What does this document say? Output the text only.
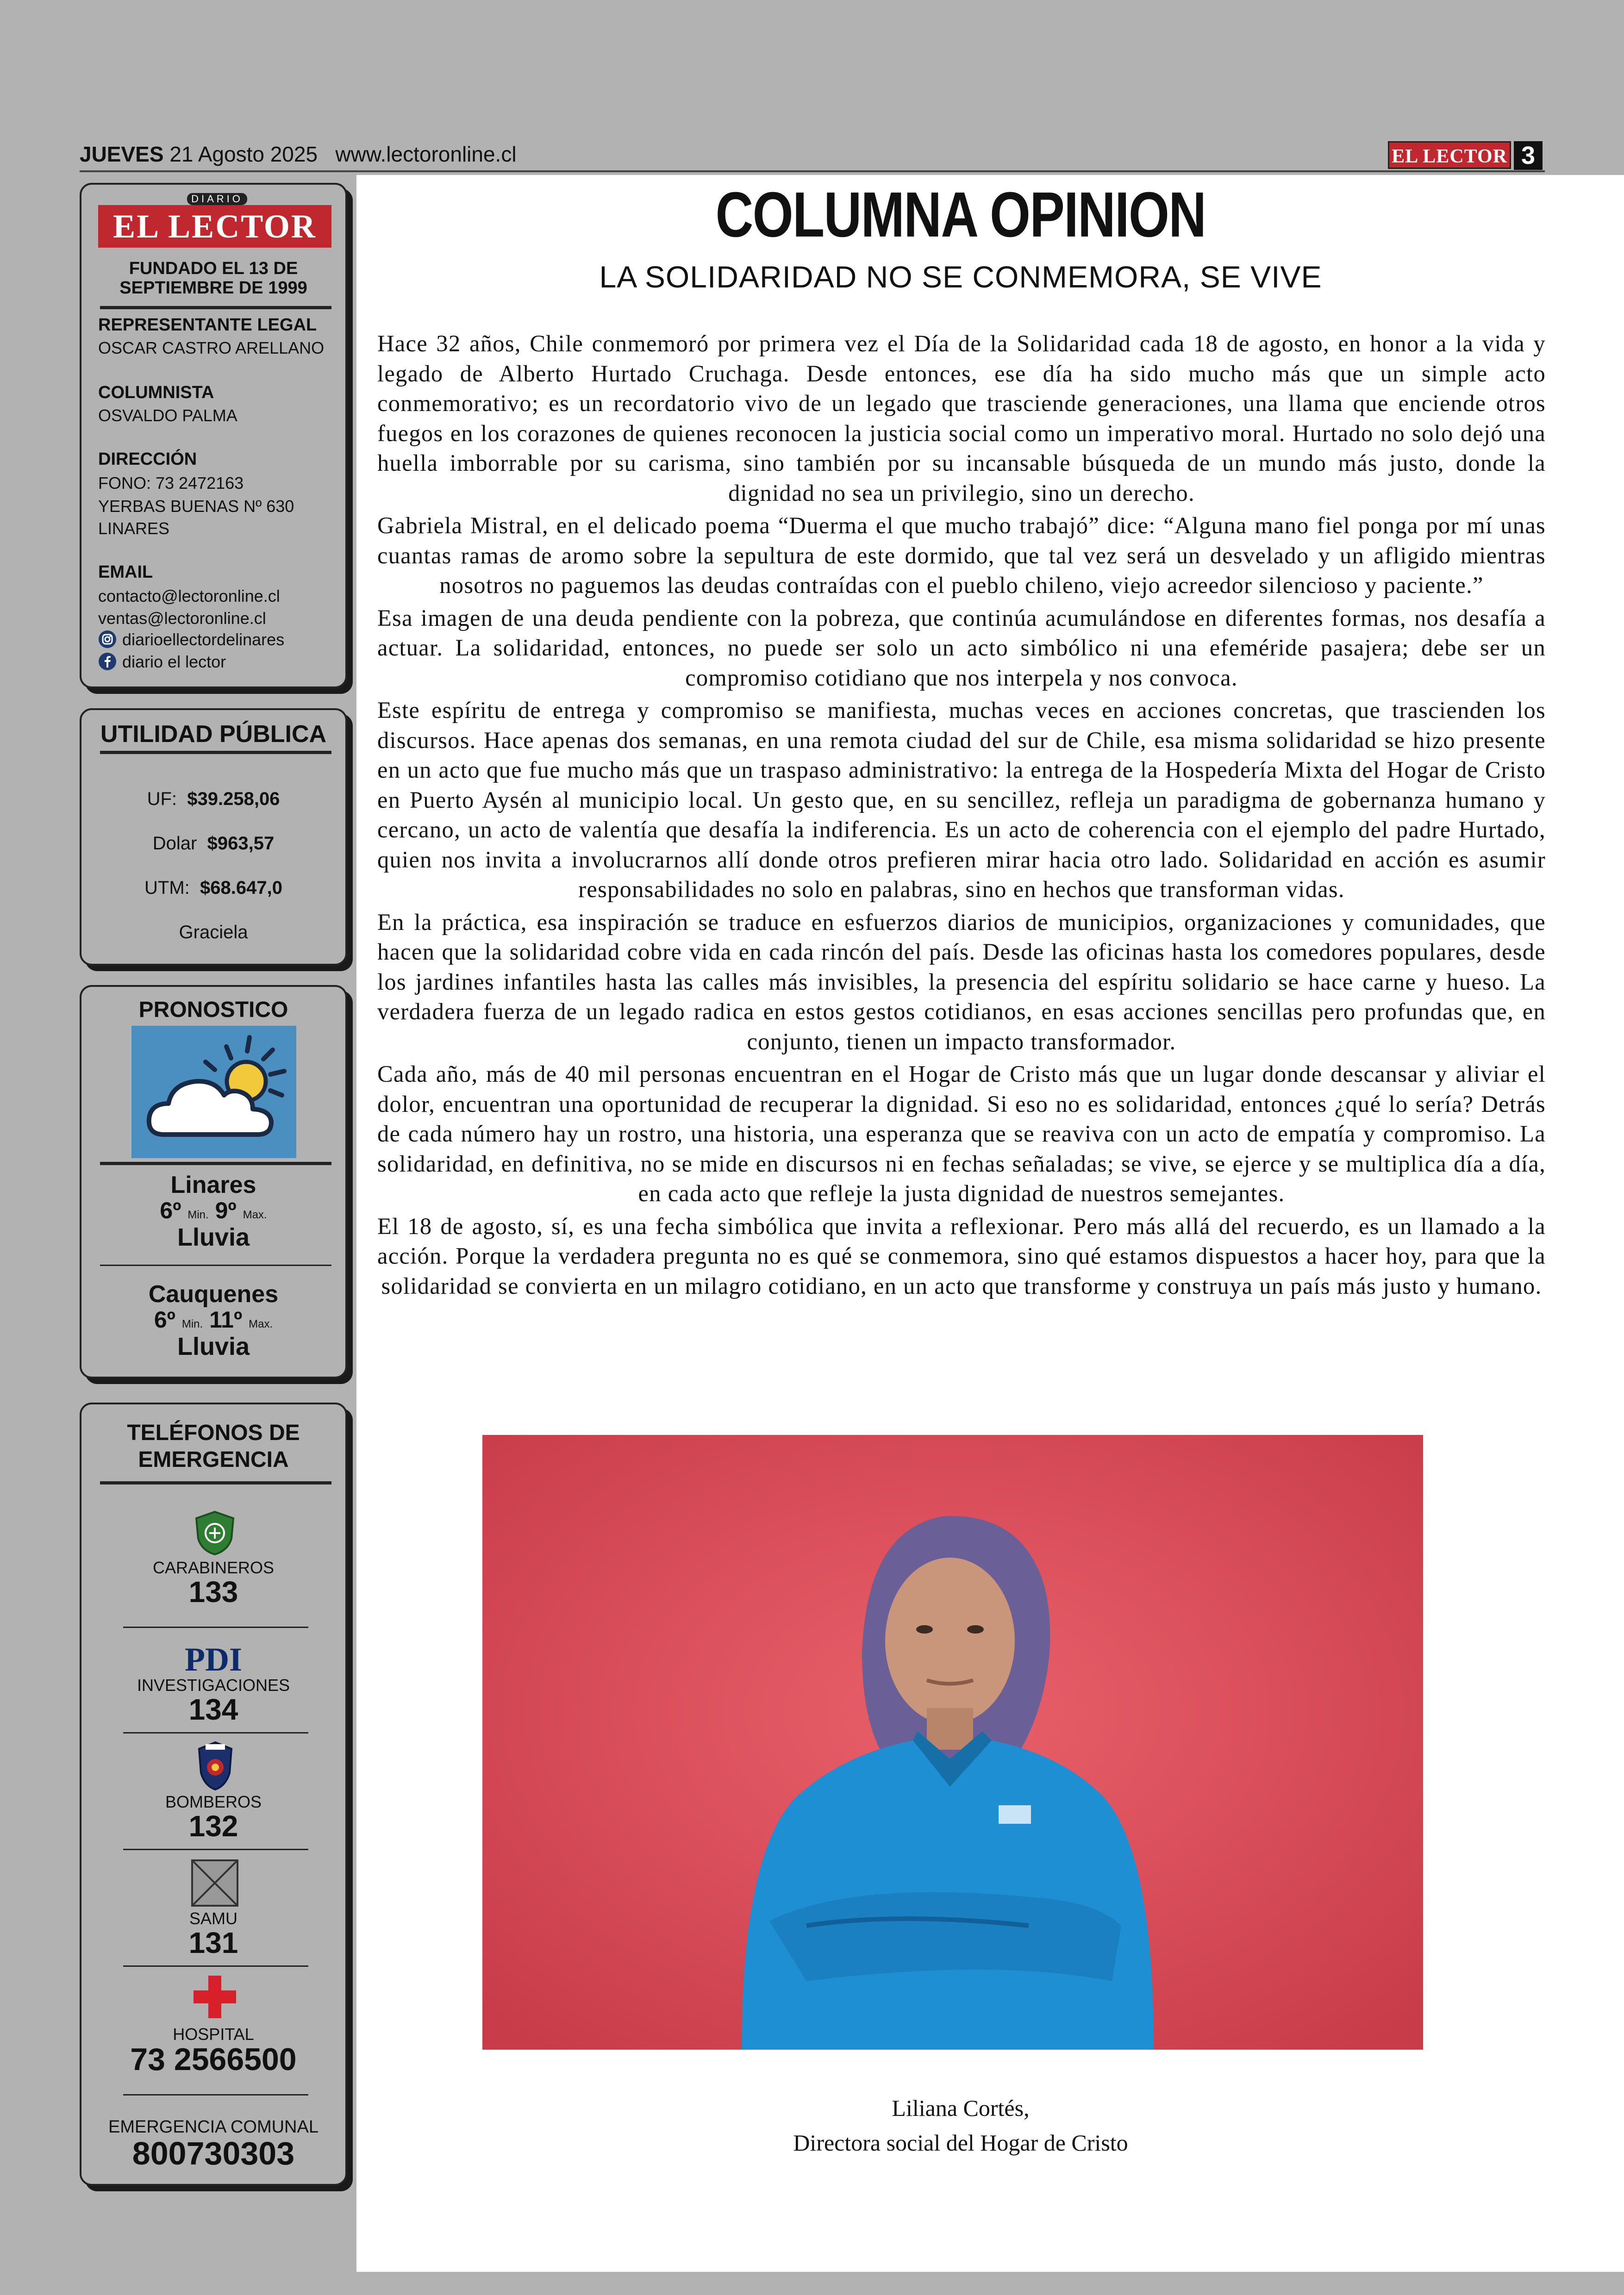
JUEVES 21 Agosto 2025 www.lectoronline.cl	EL LECTOR 3
DIARIO
EL LECTOR
FUNDADO EL 13 DE
SEPTIEMBRE DE 1999
REPRESENTANTE LEGAL
OSCAR CASTRO ARELLANO
COLUMNISTA
OSVALDO PALMA
DIRECCIÓN
FONO: 73 2472163
YERBAS BUENAS Nº 630
LINARES
EMAIL
contacto@lectoronline.cl
ventas@lectoronline.cl
diarioellectordelinares
diario el lector
UTILIDAD PÚBLICA
UF: $39.258,06
Dolar $963,57
UTM: $68.647,0
Graciela
PRONOSTICO
Linares
6º Min. 9º Max.
Lluvia
Cauquenes
6º Min. 11º Max.
Lluvia
TELÉFONOS DE
EMERGENCIA
CARABINEROS
133
PDI
INVESTIGACIONES
134
BOMBEROS
132
SAMU
131
HOSPITAL
73 2566500
EMERGENCIA COMUNAL
800730303
COLUMNA OPINION
LA SOLIDARIDAD NO SE CONMEMORA, SE VIVE

Hace 32 años, Chile conmemoró por primera vez el Día de la Solidaridad cada 18 de agosto, en honor a la vida y legado de Alberto Hurtado Cruchaga. Desde entonces, ese día ha sido mucho más que un simple acto conmemorativo; es un recordatorio vivo de un legado que trasciende generaciones, una llama que enciende otros fuegos en los corazones de quienes reconocen la justicia social como un imperativo moral. Hurtado no solo dejó una huella imborrable por su carisma, sino también por su incansable búsqueda de un mundo más justo, donde la dignidad no sea un privilegio, sino un derecho.

Gabriela Mistral, en el delicado poema “Duerma el que mucho trabajó” dice: “Alguna mano fiel ponga por mí unas cuantas ramas de aromo sobre la sepultura de este dormido, que tal vez será un desvelado y un afligido mientras nosotros no paguemos las deudas contraídas con el pueblo chileno, viejo acreedor silencioso y paciente.”

Esa imagen de una deuda pendiente con la pobreza, que continúa acumulándose en diferentes formas, nos desafía a actuar. La solidaridad, entonces, no puede ser solo un acto simbólico ni una efeméride pasajera; debe ser un compromiso cotidiano que nos interpela y nos convoca.

Este espíritu de entrega y compromiso se manifiesta, muchas veces en acciones concretas, que trascienden los discursos. Hace apenas dos semanas, en una remota ciudad del sur de Chile, esa misma solidaridad se hizo presente en un acto que fue mucho más que un traspaso administrativo: la entrega de la Hospedería Mixta del Hogar de Cristo en Puerto Aysén al municipio local. Un gesto que, en su sencillez, refleja un paradigma de gobernanza humano y cercano, un acto de valentía que desafía la indiferencia. Es un acto de coherencia con el ejemplo del padre Hurtado, quien nos invita a involucrarnos allí donde otros prefieren mirar hacia otro lado. Solidaridad en acción es asumir responsabilidades no solo en palabras, sino en hechos que transforman vidas.

En la práctica, esa inspiración se traduce en esfuerzos diarios de municipios, organizaciones y comunidades, que hacen que la solidaridad cobre vida en cada rincón del país. Desde las oficinas hasta los comedores populares, desde los jardines infantiles hasta las calles más invisibles, la presencia del espíritu solidario se hace carne y hueso. La verdadera fuerza de un legado radica en estos gestos cotidianos, en esas acciones sencillas pero profundas que, en conjunto, tienen un impacto transformador.

Cada año, más de 40 mil personas encuentran en el Hogar de Cristo más que un lugar donde descansar y aliviar el dolor, encuentran una oportunidad de recuperar la dignidad. Si eso no es solidaridad, entonces ¿qué lo sería? Detrás de cada número hay un rostro, una historia, una esperanza que se reaviva con un acto de empatía y compromiso. La solidaridad, en definitiva, no se mide en discursos ni en fechas señaladas; se vive, se ejerce y se multiplica día a día, en cada acto que refleje la justa dignidad de nuestros semejantes.

El 18 de agosto, sí, es una fecha simbólica que invita a reflexionar. Pero más allá del recuerdo, es un llamado a la acción. Porque la verdadera pregunta no es qué se conmemora, sino qué estamos dispuestos a hacer hoy, para que la solidaridad se convierta en un milagro cotidiano, en un acto que transforme y construya un país más justo y humano.

Liliana Cortés,
Directora social del Hogar de Cristo
